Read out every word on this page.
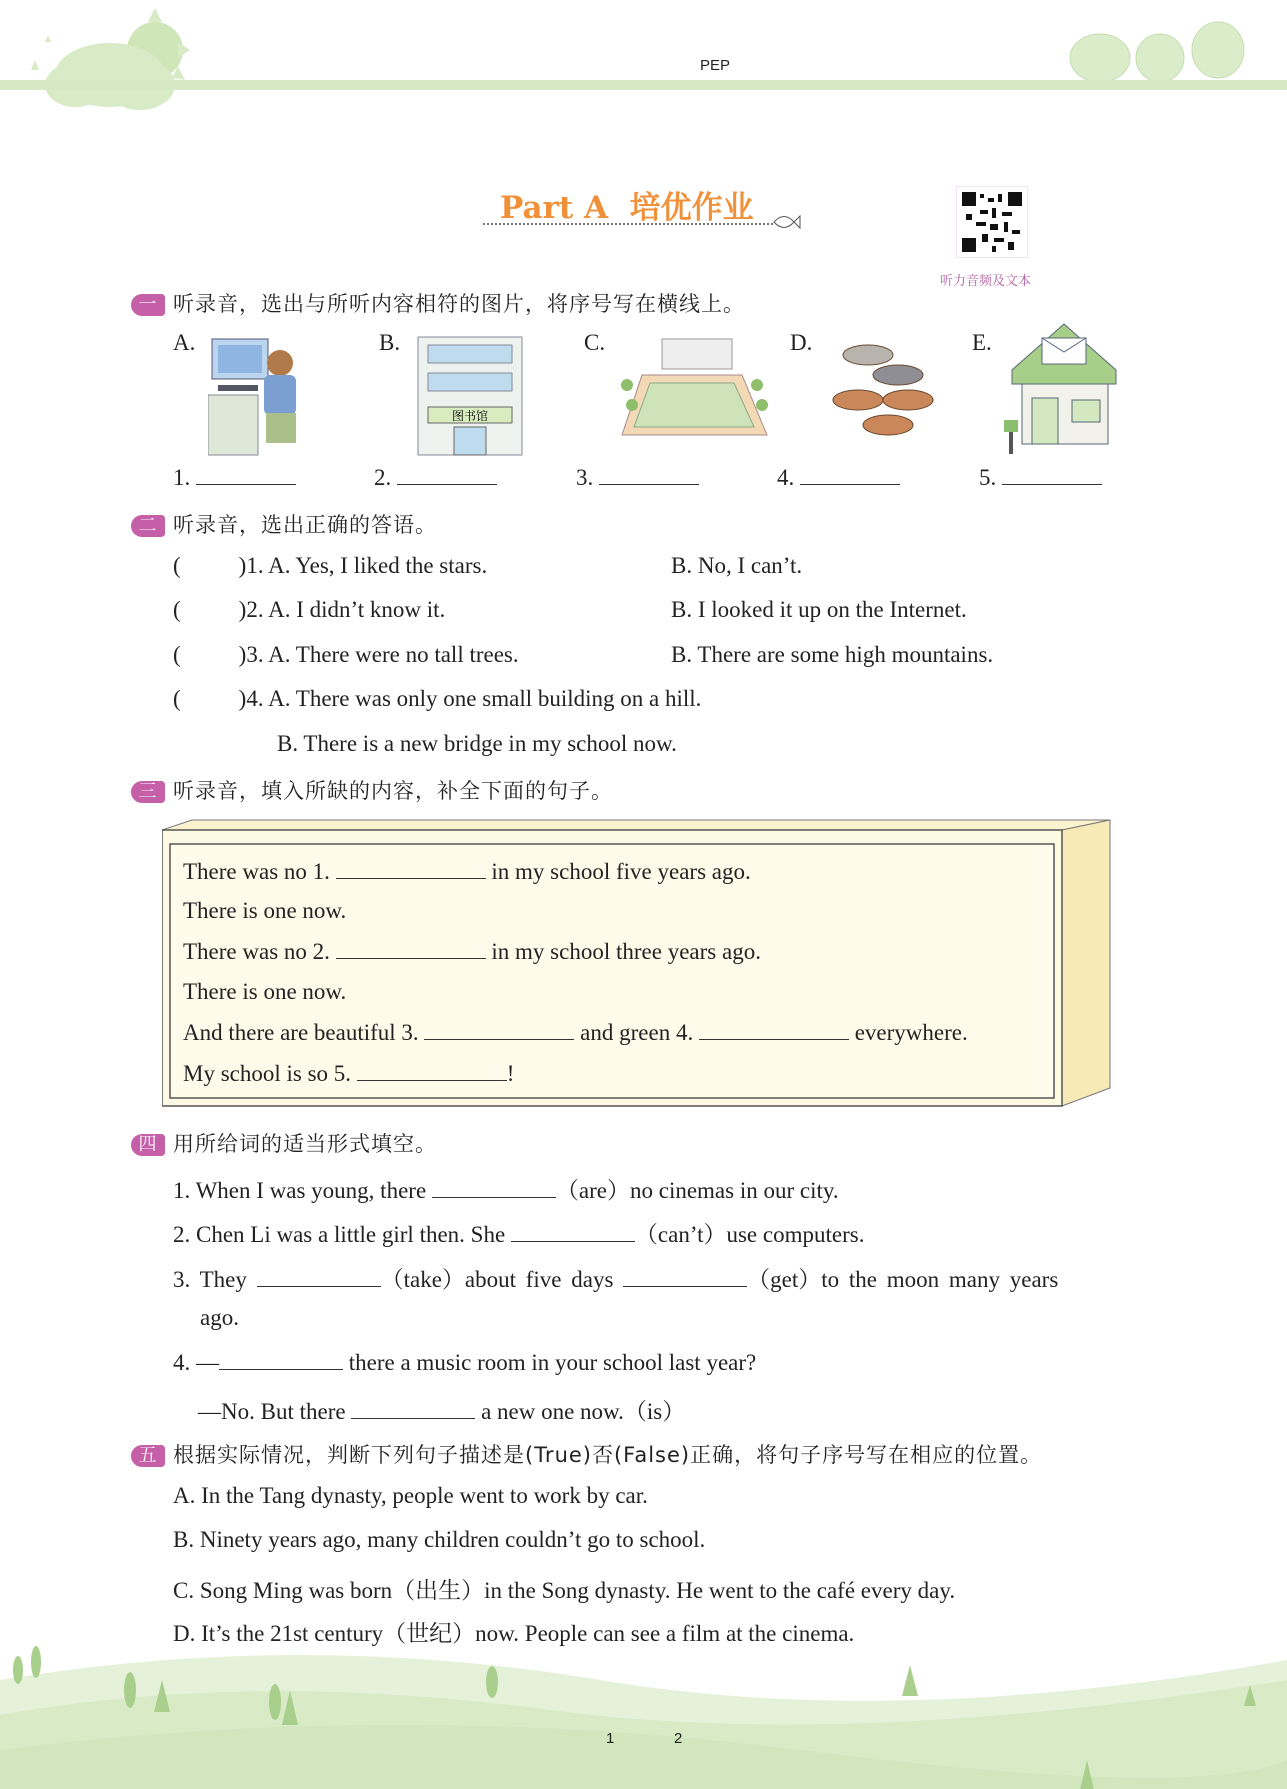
PEP
Part A 培优作业
听力音频及文本
一 听录音，选出与所听内容相符的图片，将序号写在横线上。
A.	B.
图书馆
C.	D.	E.
1.	2.	3.	4.	5.
二 听录音，选出正确的答语。
(	)1. A. Yes, I liked the stars.	B. No, I can’t.
(	)2. A. I didn’t know it.	B. I looked it up on the Internet.
(	)3. A. There were no tall trees.	B. There are some high mountains.
(	)4. A. There was only one small building on a hill.
B. There is a new bridge in my school now.
三 听录音，填入所缺的内容，补全下面的句子。
There was no 1.	in my school five years ago.
There is one now.
There was no 2.	in my school three years ago.
There is one now.
And there are beautiful 3.	and green 4.	everywhere.
My school is so 5.	!
四 用所给词的适当形式填空。
1. When I was young, there	（are）no cinemas in our city.
2. Chen Li was a little girl then. She	（can’t）use computers.
3. They	（take）about five days	（get）to the moon many years
ago.
4. —	there a music room in your school last year?
—No. But there	a new one now.（is）
五 根据实际情况，判断下列句子描述是(True)否(False)正确，将句子序号写在相应的位置。
A. In the Tang dynasty, people went to work by car.
B. Ninety years ago, many children couldn’t go to school.
C. Song Ming was born（出生）in the Song dynasty. He went to the café every day.
D. It’s the 21st century（世纪）now. People can see a film at the cinema.
1	2
